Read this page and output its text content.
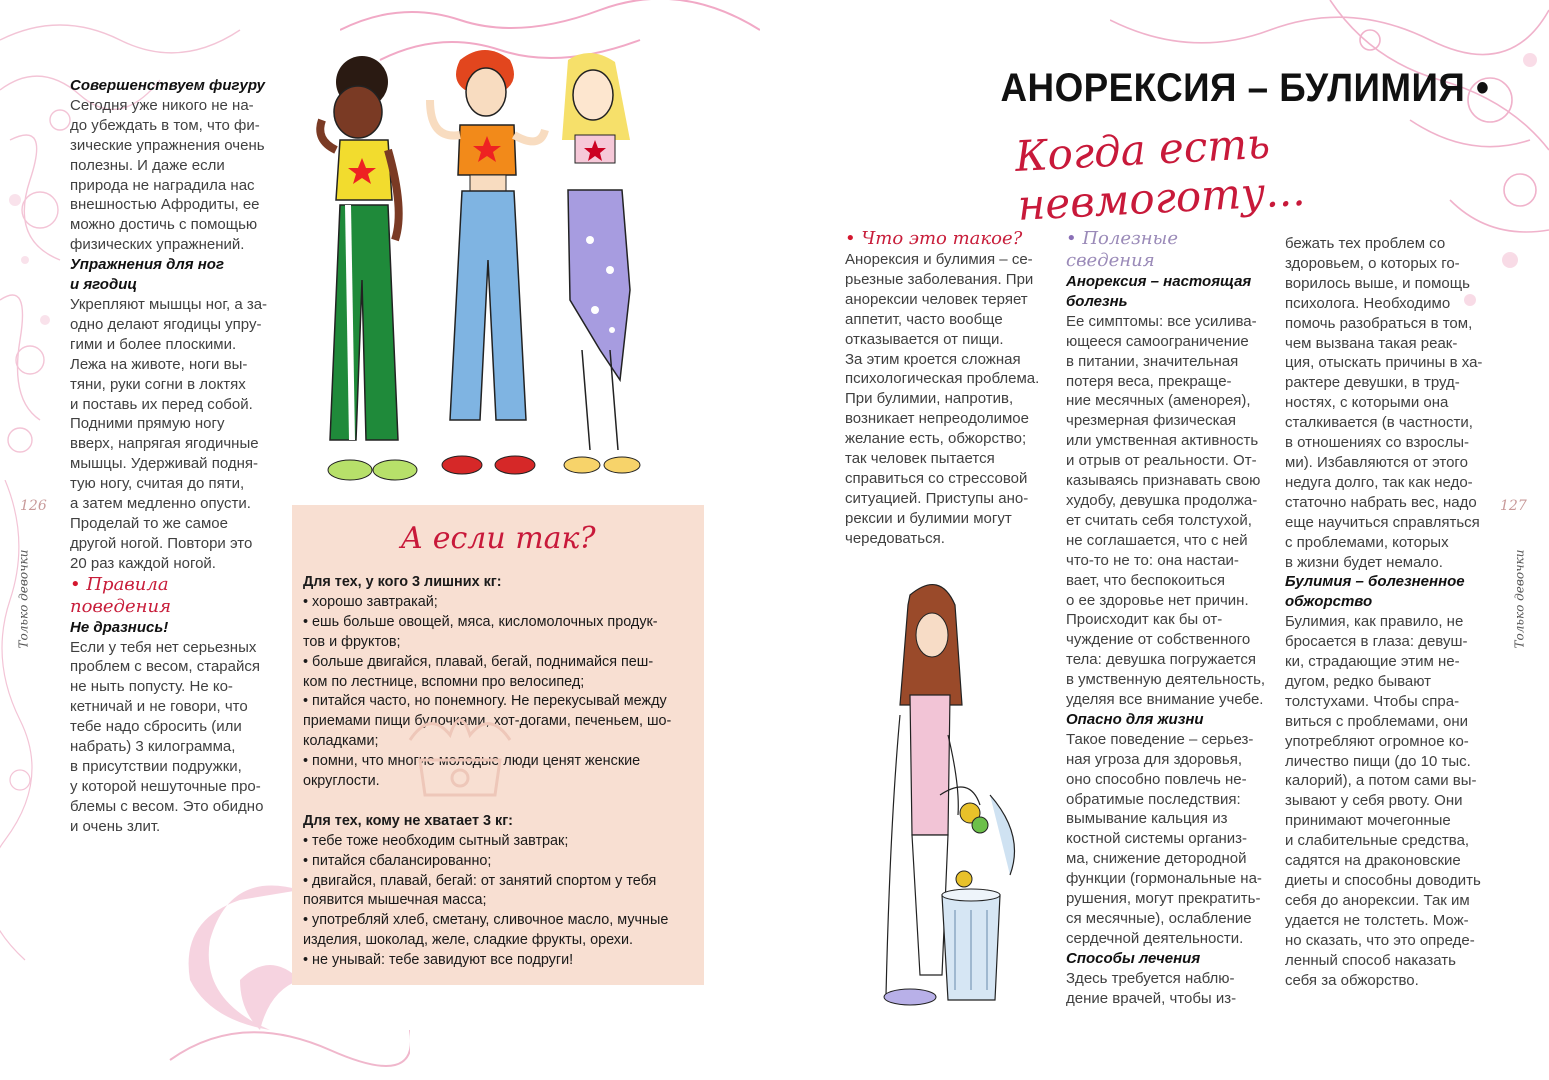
Совершенствуем фигуру

Сегодня уже никого не на-

до убеждать в том, что фи-

зические упражнения очень

полезны. И даже если

природа не наградила нас

внешностью Афродиты, ее

можно достичь с помощью

физических упражнений.

Упражнения для ног

и ягодиц

Укрепляют мышцы ног, а за-

одно делают ягодицы упру-

гими и более плоскими.

Лежа на животе, ноги вы-

тяни, руки согни в локтях

и поставь их перед собой.

Подними прямую ногу

вверх, напрягая ягодичные

мышцы. Удерживай подня-

тую ногу, считая до пяти,

а затем медленно опусти.

Проделай то же самое

другой ногой. Повтори это

20 раз каждой ногой.

• Правила поведения

Не дразнись!

Если у тебя нет серьезных

проблем с весом, старайся

не ныть попусту. Не ко-

кетничай и не говори, что

тебе надо сбросить (или

набрать) 3 килограмма,

в присутствии подружки,

у которой нешуточные про-

блемы с весом. Это обидно

и очень злит.

126
Только девочки
А если так?

Для тех, у кого 3 лишних кг:

• хорошо завтракай;

• ешь больше овощей, мяса, кисломолочных продук-

тов и фруктов;

• больше двигайся, плавай, бегай, поднимайся пеш-

ком по лестнице, вспомни про велосипед;

• питайся часто, но понемногу. Не перекусывай между

приемами пищи булочками, хот-догами, печеньем, шо-

коладками;

• помни, что многие молодые люди ценят женские

округлости.

Для тех, кому не хватает 3 кг:

• тебе тоже необходим сытный завтрак;

• питайся сбалансированно;

• двигайся, плавай, бегай: от занятий спортом у тебя

появится мышечная масса;

• употребляй хлеб, сметану, сливочное масло, мучные

изделия, шоколад, желе, сладкие фрукты, орехи.

• не унывай: тебе завидуют все подруги!

АНОРЕКСИЯ – БУЛИМИЯ •
Когда есть невмоготу...

• Что это такое?

Анорексия и булимия – се-

рьезные заболевания. При

анорексии человек теряет

аппетит, часто вообще

отказывается от пищи.

За этим кроется сложная

психологическая проблема.

При булимии, напротив,

возникает непреодолимое

желание есть, обжорство;

так человек пытается

справиться со стрессовой

ситуацией. Приступы ано-

рексии и булимии могут

чередоваться.

• Полезные сведения

Анорексия – настоящая

болезнь

Ее симптомы: все усилива-

ющееся самоограничение

в питании, значительная

потеря веса, прекраще-

ние месячных (аменорея),

чрезмерная физическая

или умственная активность

и отрыв от реальности. От-

казываясь признавать свою

худобу, девушка продолжа-

ет считать себя толстухой,

не соглашается, что с ней

что-то не то: она настаи-

вает, что беспокоиться

о ее здоровье нет причин.

Происходит как бы от-

чуждение от собственного

тела: девушка погружается

в умственную деятельность,

уделяя все внимание учебе.

Опасно для жизни

Такое поведение – серьез-

ная угроза для здоровья,

оно способно повлечь не-

обратимые последствия:

вымывание кальция из

костной системы организ-

ма, снижение детородной

функции (гормональные на-

рушения, могут прекратить-

ся месячные), ослабление

сердечной деятельности.

Способы лечения

Здесь требуется наблю-

дение врачей, чтобы из-

бежать тех проблем со

здоровьем, о которых го-

ворилось выше, и помощь

психолога. Необходимо

помочь разобраться в том,

чем вызвана такая реак-

ция, отыскать причины в ха-

рактере девушки, в труд-

ностях, с которыми она

сталкивается (в частности,

в отношениях со взрослы-

ми). Избавляются от этого

недуга долго, так как недо-

статочно набрать вес, надо

еще научиться справляться

с проблемами, которых

в жизни будет немало.

Булимия – болезненное

обжорство

Булимия, как правило, не

бросается в глаза: девуш-

ки, страдающие этим не-

дугом, редко бывают

толстухами. Чтобы спра-

виться с проблемами, они

употребляют огромное ко-

личество пищи (до 10 тыс.

калорий), а потом сами вы-

зывают у себя рвоту. Они

принимают мочегонные

и слабительные средства,

садятся на драконовские

диеты и способны доводить

себя до анорексии. Так им

удается не толстеть. Мож-

но сказать, что это опреде-

ленный способ наказать

себя за обжорство.

127
Только девочки
